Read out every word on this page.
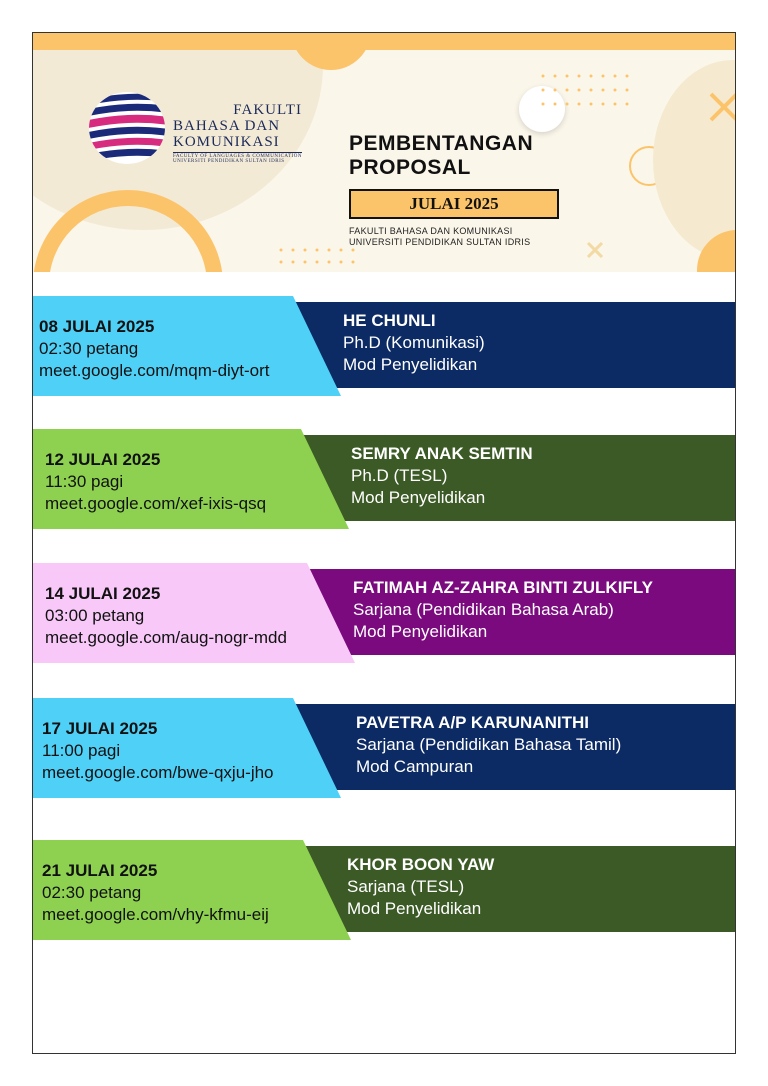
FAKULTI
BAHASA DAN
KOMUNIKASI
FACULTY OF LANGUAGES & COMMUNICATION
UNIVERSITI PENDIDIKAN SULTAN IDRIS
PEMBENTANGAN
PROPOSAL
JULAI 2025
FAKULTI BAHASA DAN KOMUNIKASI
UNIVERSITI PENDIDIKAN SULTAN IDRIS
08 JULAI 2025
02:30 petang
meet.google.com/mqm-diyt-ort
HE CHUNLI
Ph.D (Komunikasi)
Mod Penyelidikan
12 JULAI 2025
11:30 pagi
meet.google.com/xef-ixis-qsq
SEMRY ANAK SEMTIN
Ph.D (TESL)
Mod Penyelidikan
14 JULAI 2025
03:00 petang
meet.google.com/aug-nogr-mdd
FATIMAH AZ-ZAHRA BINTI ZULKIFLY
Sarjana (Pendidikan Bahasa Arab)
Mod Penyelidikan
17 JULAI 2025
11:00 pagi
meet.google.com/bwe-qxju-jho
PAVETRA A/P KARUNANITHI
Sarjana (Pendidikan Bahasa Tamil)
Mod Campuran
21 JULAI 2025
02:30 petang
meet.google.com/vhy-kfmu-eij
KHOR BOON YAW
Sarjana (TESL)
Mod Penyelidikan
